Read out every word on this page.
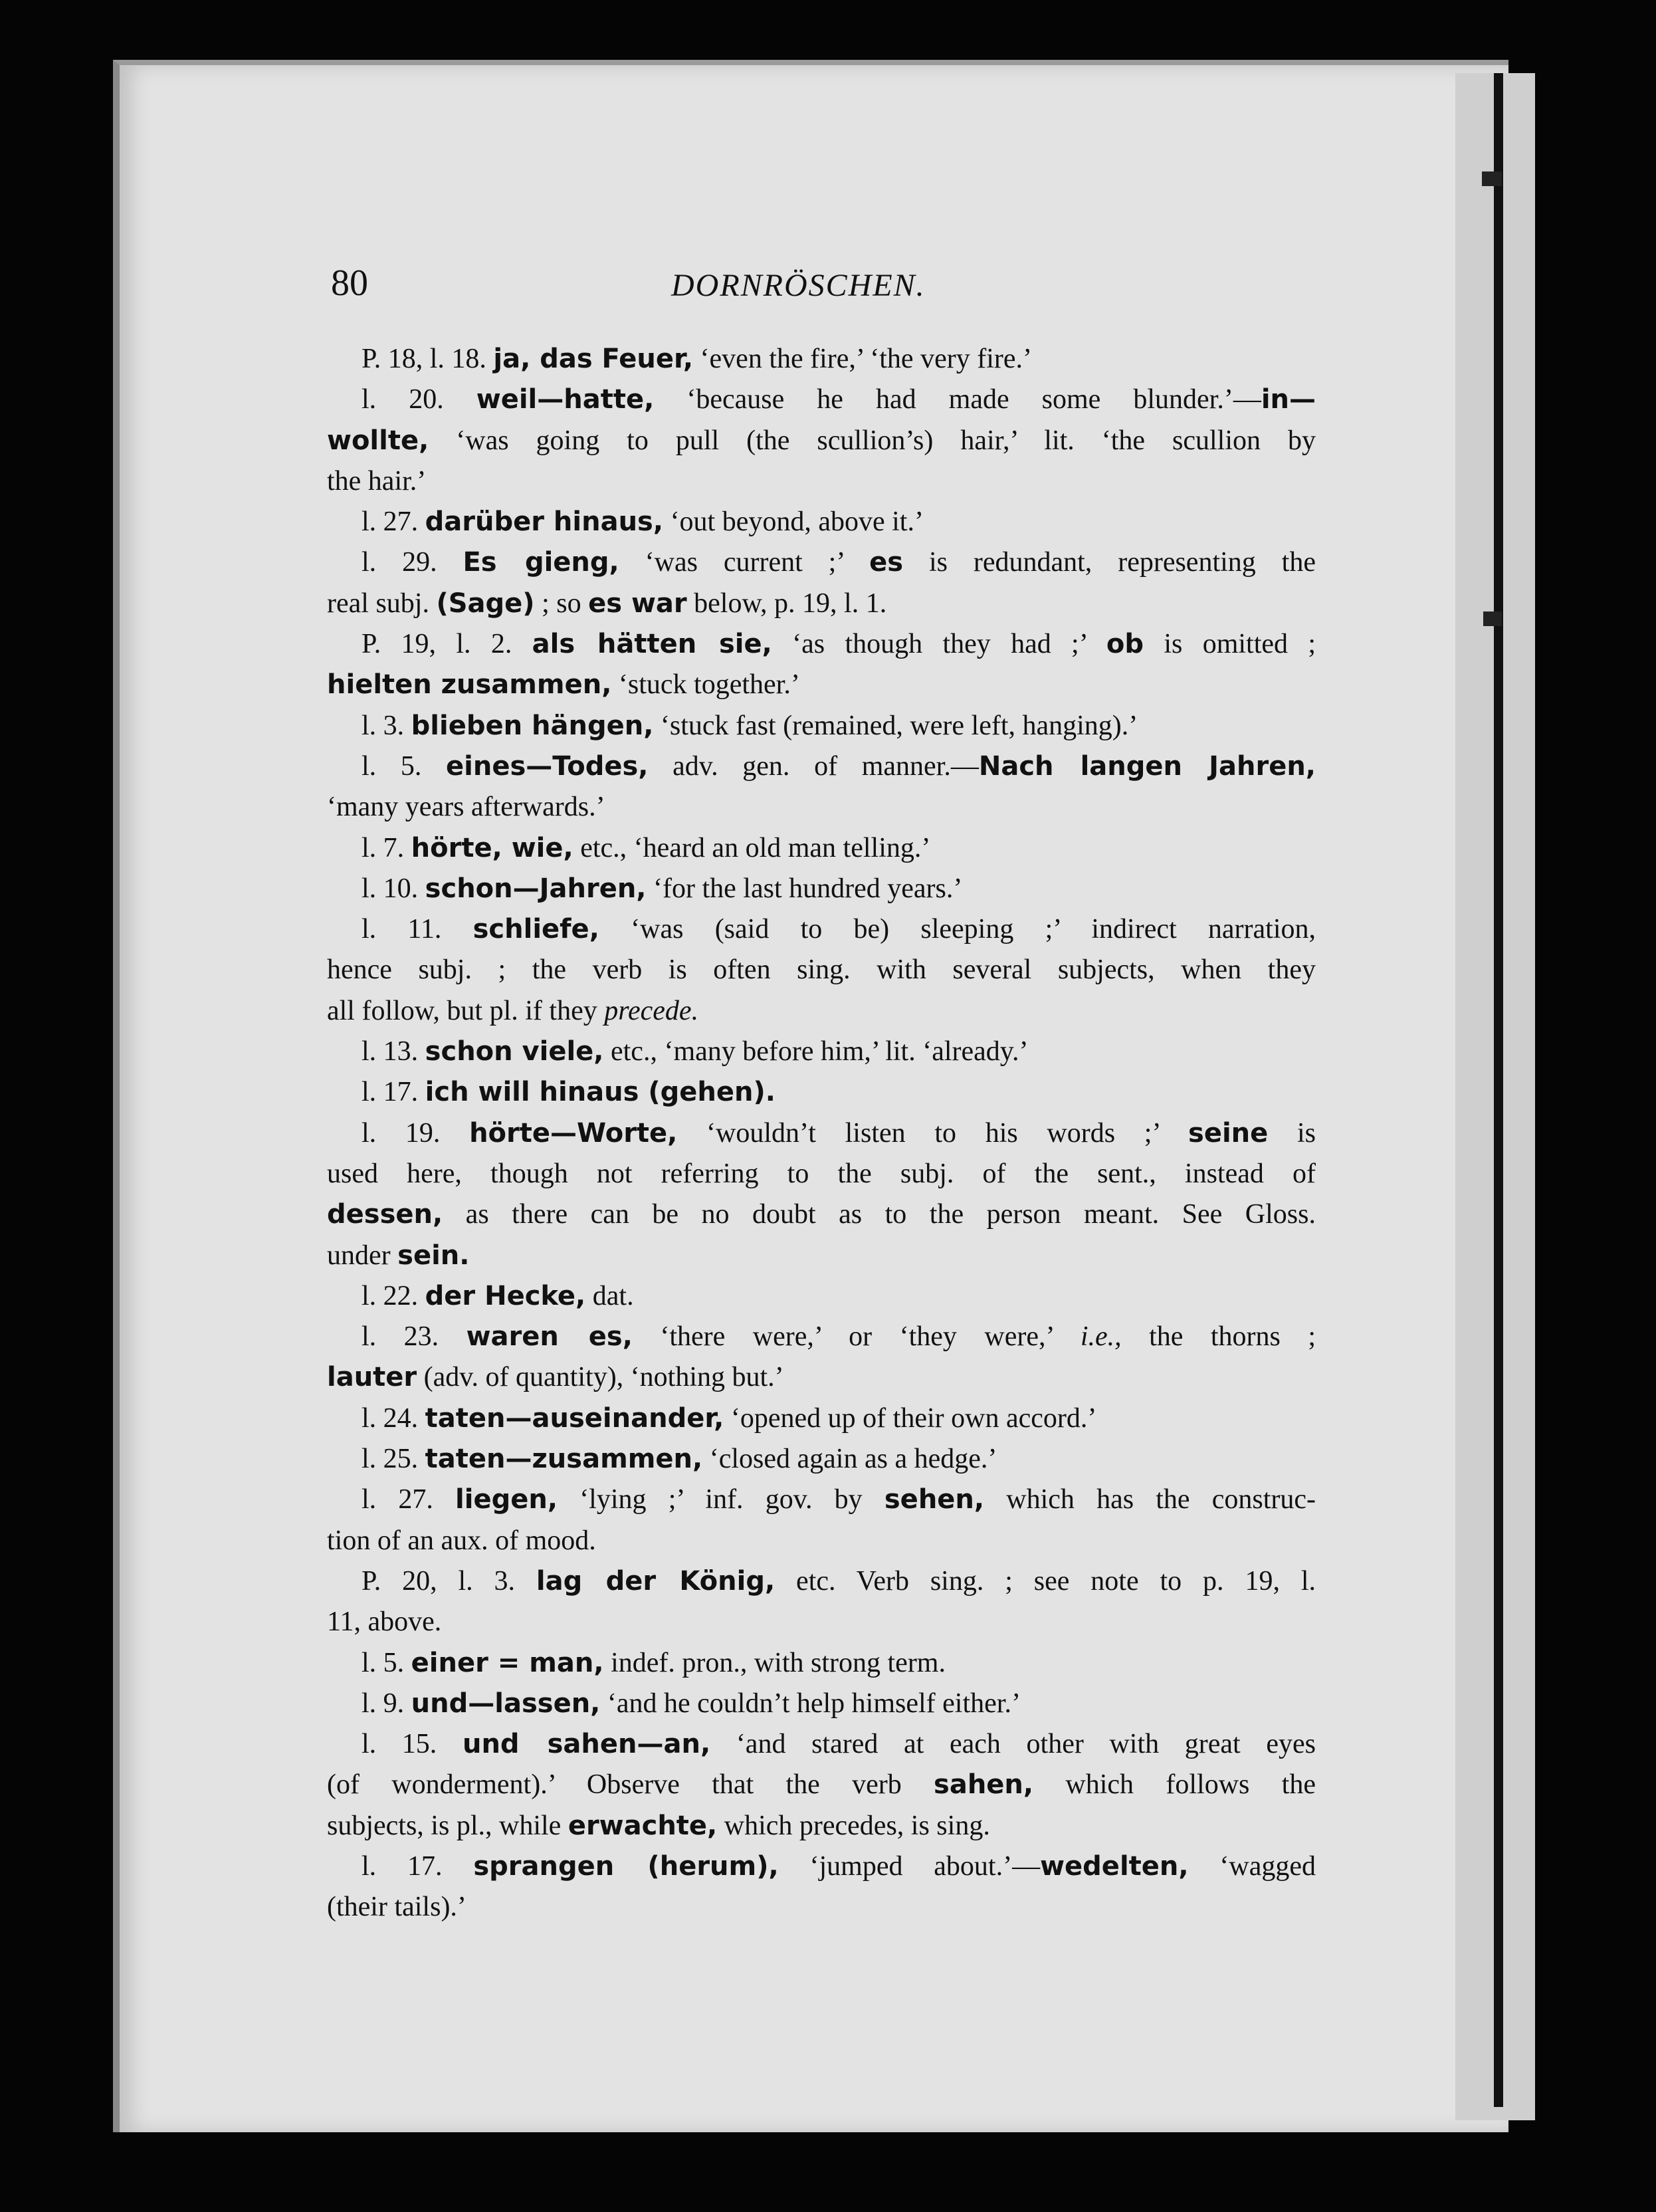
80	DORNRÖSCHEN.
P. 18, l. 18. ja, das Feuer, ‘even the fire,’ ‘the very fire.’
l. 20. weil—hatte, ‘because he had made some blunder.’—in—
wollte, ‘was going to pull (the scullion’s) hair,’ lit. ‘the scullion by
the hair.’
l. 27. darüber hinaus, ‘out beyond, above it.’
l. 29. Es gieng, ‘was current ;’ es is redundant, representing the
real subj. (Sage) ; so es war below, p. 19, l. 1.
P. 19, l. 2. als hätten sie, ‘as though they had ;’ ob is omitted ;
hielten zusammen, ‘stuck together.’
l. 3. blieben hängen, ‘stuck fast (remained, were left, hanging).’
l. 5. eines—Todes, adv. gen. of manner.—Nach langen Jahren,
‘many years afterwards.’
l. 7. hörte, wie, etc., ‘heard an old man telling.’
l. 10. schon—Jahren, ‘for the last hundred years.’
l. 11. schliefe, ‘was (said to be) sleeping ;’ indirect narration,
hence subj. ; the verb is often sing. with several subjects, when they
all follow, but pl. if they precede.
l. 13. schon viele, etc., ‘many before him,’ lit. ‘already.’
l. 17. ich will hinaus (gehen).
l. 19. hörte—Worte, ‘wouldn’t listen to his words ;’ seine is
used here, though not referring to the subj. of the sent., instead of
dessen, as there can be no doubt as to the person meant. See Gloss.
under sein.
l. 22. der Hecke, dat.
l. 23. waren es, ‘there were,’ or ‘they were,’ i.e., the thorns ;
lauter (adv. of quantity), ‘nothing but.’
l. 24. taten—auseinander, ‘opened up of their own accord.’
l. 25. taten—zusammen, ‘closed again as a hedge.’
l. 27. liegen, ‘lying ;’ inf. gov. by sehen, which has the construc-
tion of an aux. of mood.
P. 20, l. 3. lag der König, etc. Verb sing. ; see note to p. 19, l.
11, above.
l. 5. einer = man, indef. pron., with strong term.
l. 9. und—lassen, ‘and he couldn’t help himself either.’
l. 15. und sahen—an, ‘and stared at each other with great eyes
(of wonderment).’ Observe that the verb sahen, which follows the
subjects, is pl., while erwachte, which precedes, is sing.
l. 17. sprangen (herum), ‘jumped about.’—wedelten, ‘wagged
(their tails).’
